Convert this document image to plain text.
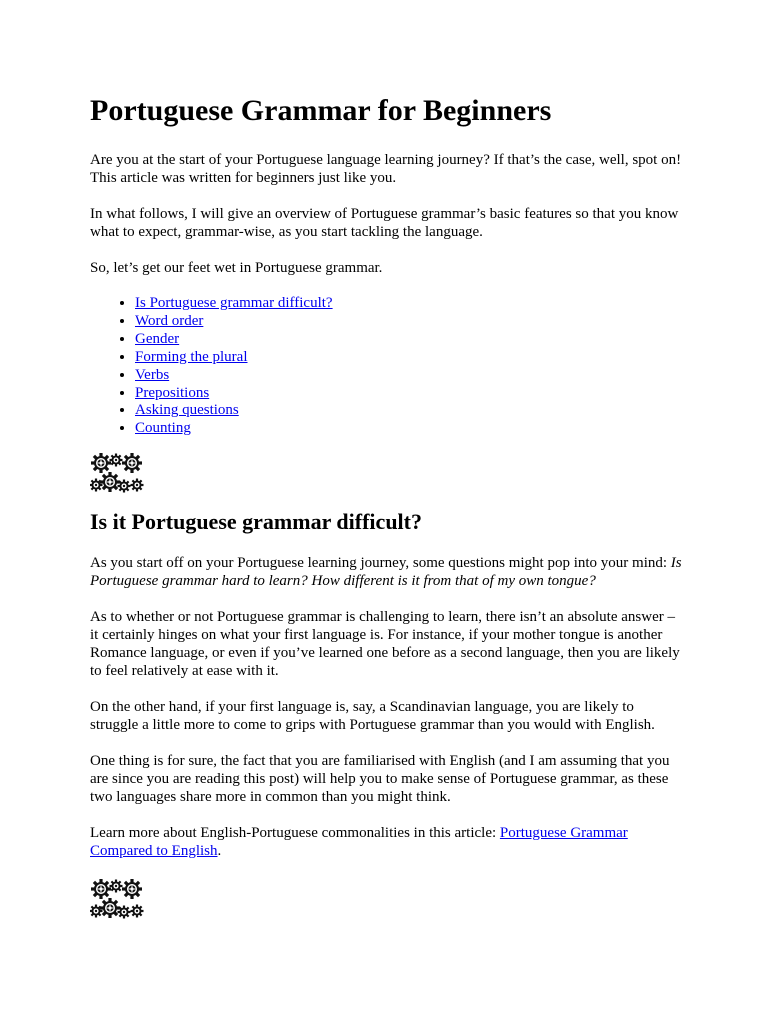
Portuguese Grammar for Beginners

Are you at the start of your Portuguese language learning journey? If that’s the case, well, spot on! This article was written for beginners just like you.

In what follows, I will give an overview of Portuguese grammar’s basic features so that you know what to expect, grammar-wise, as you start tackling the language.

So, let’s get our feet wet in Portuguese grammar.

• Is Portuguese grammar difficult?
• Word order
• Gender
• Forming the plural
• Verbs
• Prepositions
• Asking questions
• Counting
Is it Portuguese grammar difficult?

As you start off on your Portuguese learning journey, some questions might pop into your mind: Is Portuguese grammar hard to learn? How different is it from that of my own tongue?

As to whether or not Portuguese grammar is challenging to learn, there isn’t an absolute answer – it certainly hinges on what your first language is. For instance, if your mother tongue is another Romance language, or even if you’ve learned one before as a second language, then you are likely to feel relatively at ease with it.

On the other hand, if your first language is, say, a Scandinavian language, you are likely to struggle a little more to come to grips with Portuguese grammar than you would with English.

One thing is for sure, the fact that you are familiarised with English (and I am assuming that you are since you are reading this post) will help you to make sense of Portuguese grammar, as these two languages share more in common than you might think.

Learn more about English-Portuguese commonalities in this article: Portuguese Grammar Compared to English.
